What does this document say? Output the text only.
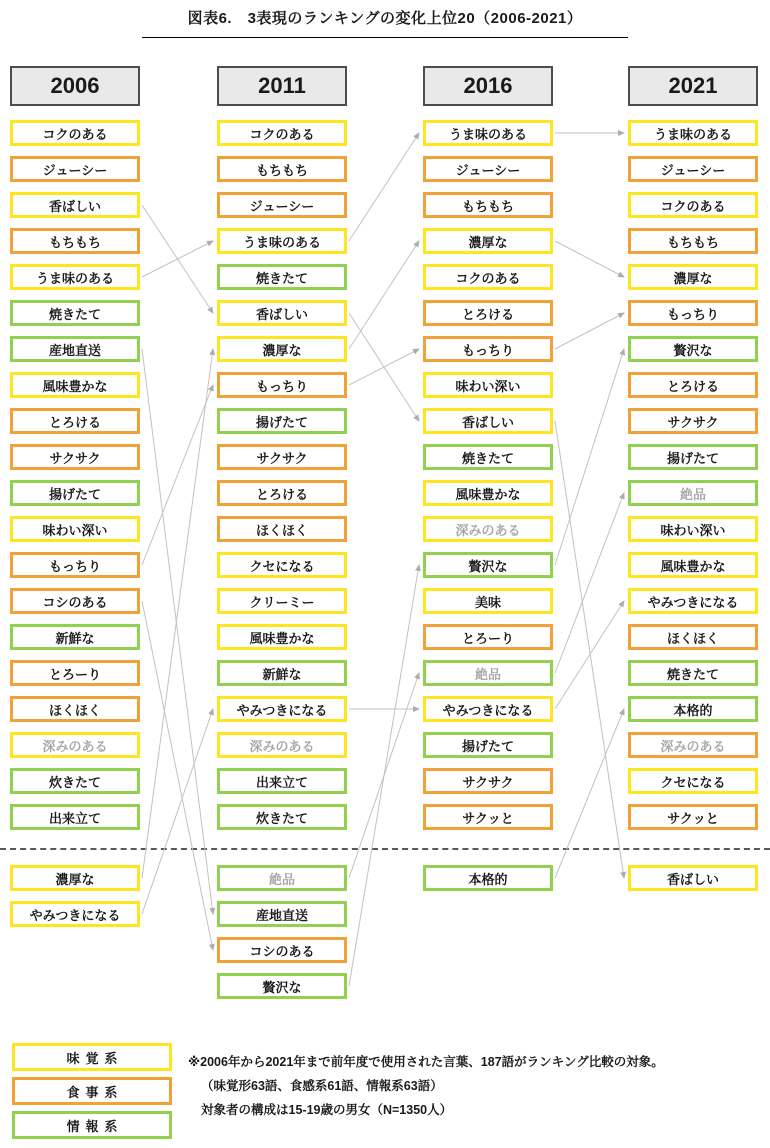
図表6.　3表現のランキングの変化上位20（2006-2021）
2006
コクのある
ジューシー
香ばしい
もちもち
うま味のある
焼きたて
産地直送
風味豊かな
とろける
サクサク
揚げたて
味わい深い
もっちり
コシのある
新鮮な
とろーり
ほくほく
深みのある
炊きたて
出来立て
濃厚な
やみつきになる
2011
コクのある
もちもち
ジューシー
うま味のある
焼きたて
香ばしい
濃厚な
もっちり
揚げたて
サクサク
とろける
ほくほく
クセになる
クリーミー
風味豊かな
新鮮な
やみつきになる
深みのある
出来立て
炊きたて
絶品
産地直送
コシのある
贅沢な
2016
うま味のある
ジューシー
もちもち
濃厚な
コクのある
とろける
もっちり
味わい深い
香ばしい
焼きたて
風味豊かな
深みのある
贅沢な
美味
とろーり
絶品
やみつきになる
揚げたて
サクサク
サクッと
本格的
2021
うま味のある
ジューシー
コクのある
もちもち
濃厚な
もっちり
贅沢な
とろける
サクサク
揚げたて
絶品
味わい深い
風味豊かな
やみつきになる
ほくほく
焼きたて
本格的
深みのある
クセになる
サクッと
香ばしい
味覚系
食事系
情報系
※2006年から2021年まで前年度で使用された言葉、187語がランキング比較の対象。
（味覚形63語、食感系61語、情報系63語）
対象者の構成は15-19歳の男女（N=1350人）
